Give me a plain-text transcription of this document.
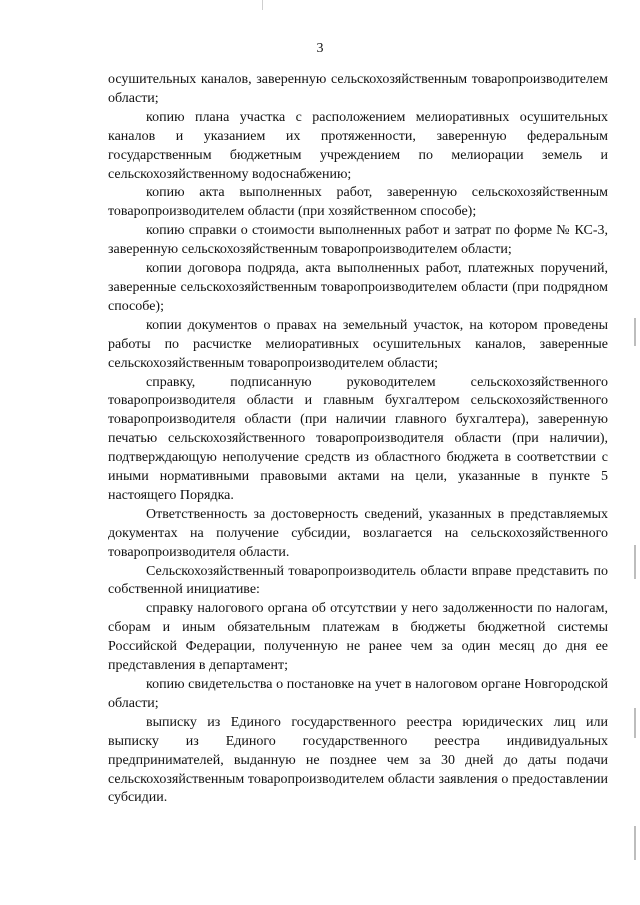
3

осушительных каналов, заверенную сельскохозяйственным товаропроизводителем области;

копию плана участка с расположением мелиоративных осушительных каналов и указанием их протяженности, заверенную федеральным государственным бюджетным учреждением по мелиорации земель и сельскохозяйственному водоснабжению;

копию акта выполненных работ, заверенную сельскохозяйственным товаропроизводителем области (при хозяйственном способе);

копию справки о стоимости выполненных работ и затрат по форме № КС-3, заверенную сельскохозяйственным товаропроизводителем области;

копии договора подряда, акта выполненных работ, платежных поручений, заверенные сельскохозяйственным товаропроизводителем области (при подрядном способе);

копии документов о правах на земельный участок, на котором проведены работы по расчистке мелиоративных осушительных каналов, заверенные сельскохозяйственным товаропроизводителем области;

справку, подписанную руководителем сельскохозяйственного товаропроизводителя области и главным бухгалтером сельскохозяйственного товаропроизводителя области (при наличии главного бухгалтера), заверенную печатью сельскохозяйственного товаропроизводителя области (при наличии), подтверждающую неполучение средств из областного бюджета в соответствии с иными нормативными правовыми актами на цели, указанные в пункте 5 настоящего Порядка.

Ответственность за достоверность сведений, указанных в представляемых документах на получение субсидии, возлагается на сельскохозяйственного товаропроизводителя области.

Сельскохозяйственный товаропроизводитель области вправе представить по собственной инициативе:

справку налогового органа об отсутствии у него задолженности по налогам, сборам и иным обязательным платежам в бюджеты бюджетной системы Российской Федерации, полученную не ранее чем за один месяц до дня ее представления в департамент;

копию свидетельства о постановке на учет в налоговом органе Новгородской области;

выписку из Единого государственного реестра юридических лиц или выписку из Единого государственного реестра индивидуальных предпринимателей, выданную не позднее чем за 30 дней до даты подачи сельскохозяйственным товаропроизводителем области заявления о предоставлении субсидии.
